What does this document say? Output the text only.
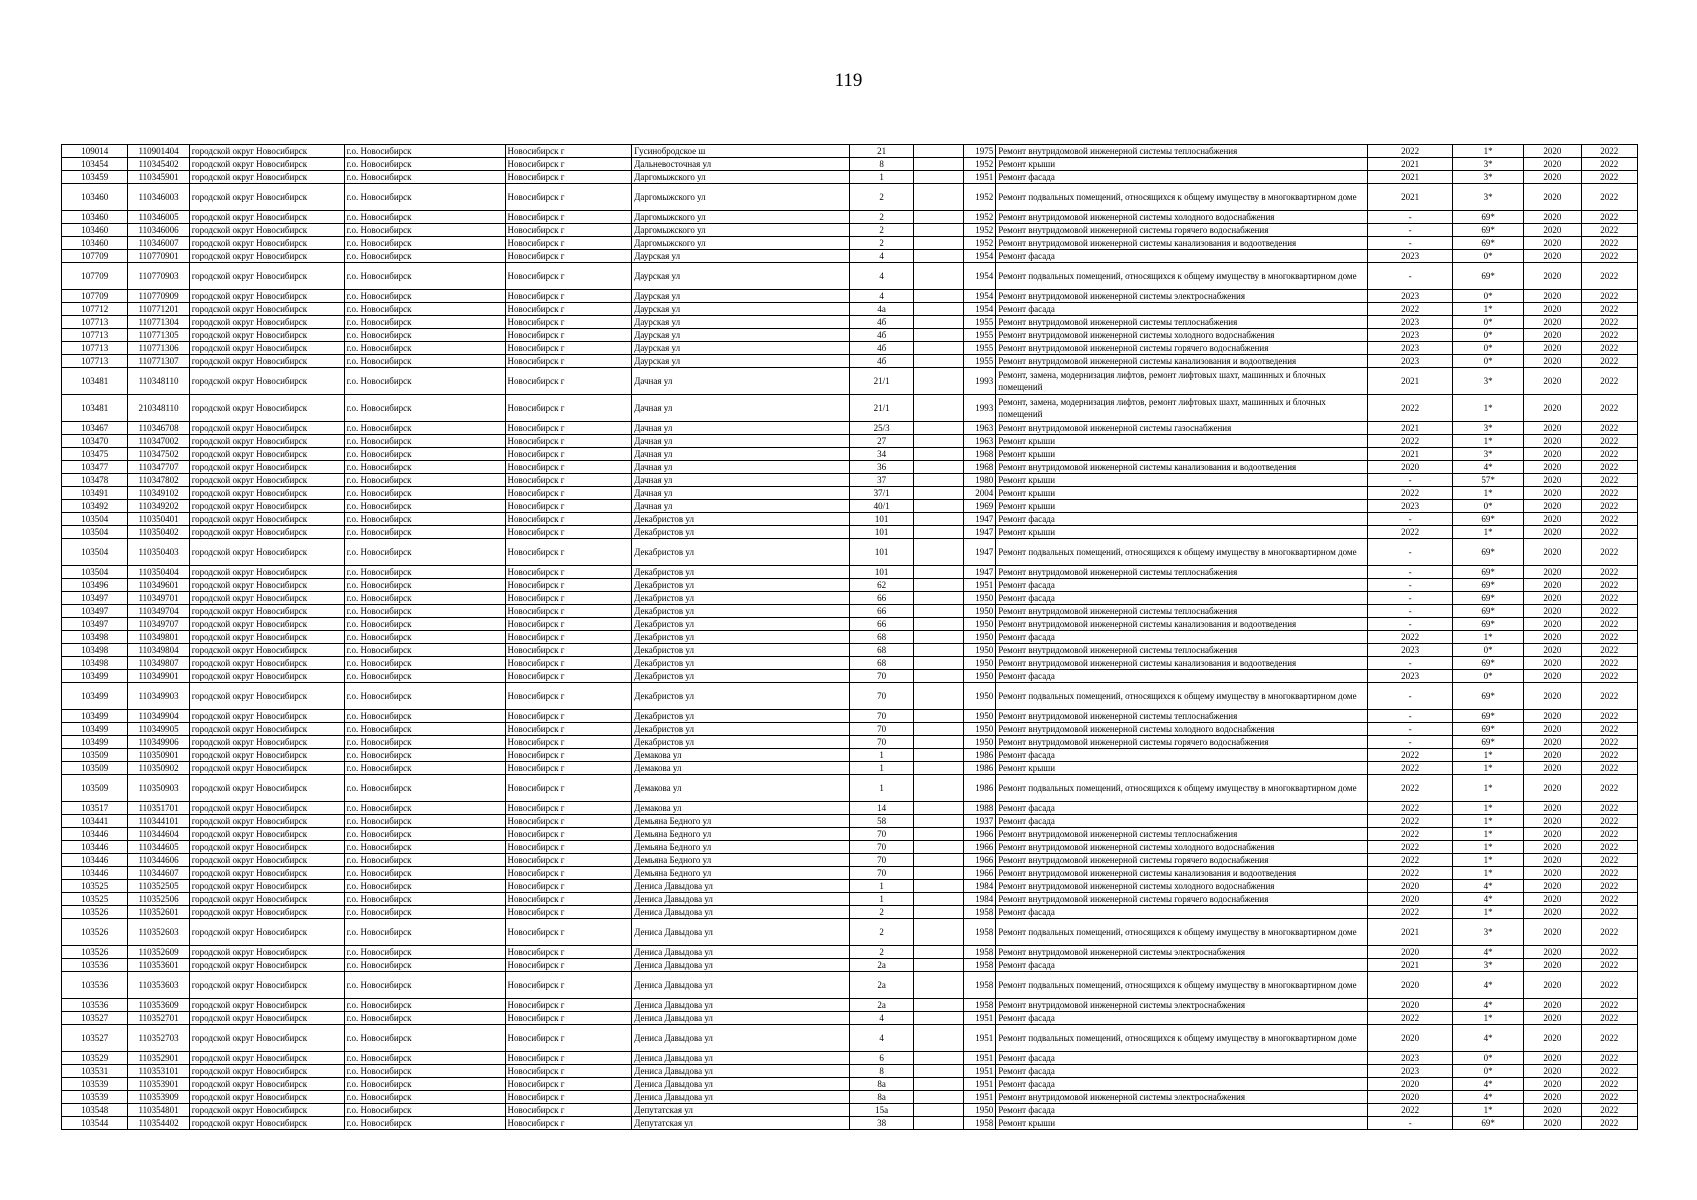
119
109014	110901404	городской округ Новосибирск	г.о. Новосибирск	Новосибирск г	Гусинобродское ш	21		1975	Ремонт внутридомовой инженерной системы теплоснабжения	2022	1*	2020	2022
103454	110345402	городской округ Новосибирск	г.о. Новосибирск	Новосибирск г	Дальневосточная ул	8		1952	Ремонт крыши	2021	3*	2020	2022
103459	110345901	городской округ Новосибирск	г.о. Новосибирск	Новосибирск г	Даргомыжского ул	1		1951	Ремонт фасада	2021	3*	2020	2022
103460	110346003	городской округ Новосибирск	г.о. Новосибирск	Новосибирск г	Даргомыжского ул	2		1952	Ремонт подвальных помещений, относящихся к общему имуществу в многоквартирном доме	2021	3*	2020	2022
103460	110346005	городской округ Новосибирск	г.о. Новосибирск	Новосибирск г	Даргомыжского ул	2		1952	Ремонт внутридомовой инженерной системы холодного водоснабжения	-	69*	2020	2022
103460	110346006	городской округ Новосибирск	г.о. Новосибирск	Новосибирск г	Даргомыжского ул	2		1952	Ремонт внутридомовой инженерной системы горячего водоснабжения	-	69*	2020	2022
103460	110346007	городской округ Новосибирск	г.о. Новосибирск	Новосибирск г	Даргомыжского ул	2		1952	Ремонт внутридомовой инженерной системы канализования и водоотведения	-	69*	2020	2022
107709	110770901	городской округ Новосибирск	г.о. Новосибирск	Новосибирск г	Даурская ул	4		1954	Ремонт фасада	2023	0*	2020	2022
107709	110770903	городской округ Новосибирск	г.о. Новосибирск	Новосибирск г	Даурская ул	4		1954	Ремонт подвальных помещений, относящихся к общему имуществу в многоквартирном доме	-	69*	2020	2022
107709	110770909	городской округ Новосибирск	г.о. Новосибирск	Новосибирск г	Даурская ул	4		1954	Ремонт внутридомовой инженерной системы электроснабжения	2023	0*	2020	2022
107712	110771201	городской округ Новосибирск	г.о. Новосибирск	Новосибирск г	Даурская ул	4а		1954	Ремонт фасада	2022	1*	2020	2022
107713	110771304	городской округ Новосибирск	г.о. Новосибирск	Новосибирск г	Даурская ул	4б		1955	Ремонт внутридомовой инженерной системы теплоснабжения	2023	0*	2020	2022
107713	110771305	городской округ Новосибирск	г.о. Новосибирск	Новосибирск г	Даурская ул	4б		1955	Ремонт внутридомовой инженерной системы холодного водоснабжения	2023	0*	2020	2022
107713	110771306	городской округ Новосибирск	г.о. Новосибирск	Новосибирск г	Даурская ул	4б		1955	Ремонт внутридомовой инженерной системы горячего водоснабжения	2023	0*	2020	2022
107713	110771307	городской округ Новосибирск	г.о. Новосибирск	Новосибирск г	Даурская ул	4б		1955	Ремонт внутридомовой инженерной системы канализования и водоотведения	2023	0*	2020	2022
103481	110348110	городской округ Новосибирск	г.о. Новосибирск	Новосибирск г	Дачная ул	21/1		1993	Ремонт, замена, модернизация лифтов, ремонт лифтовых шахт, машинных и блочных помещений	2021	3*	2020	2022
103481	210348110	городской округ Новосибирск	г.о. Новосибирск	Новосибирск г	Дачная ул	21/1		1993	Ремонт, замена, модернизация лифтов, ремонт лифтовых шахт, машинных и блочных помещений	2022	1*	2020	2022
103467	110346708	городской округ Новосибирск	г.о. Новосибирск	Новосибирск г	Дачная ул	25/3		1963	Ремонт внутридомовой инженерной системы газоснабжения	2021	3*	2020	2022
103470	110347002	городской округ Новосибирск	г.о. Новосибирск	Новосибирск г	Дачная ул	27		1963	Ремонт крыши	2022	1*	2020	2022
103475	110347502	городской округ Новосибирск	г.о. Новосибирск	Новосибирск г	Дачная ул	34		1968	Ремонт крыши	2021	3*	2020	2022
103477	110347707	городской округ Новосибирск	г.о. Новосибирск	Новосибирск г	Дачная ул	36		1968	Ремонт внутридомовой инженерной системы канализования и водоотведения	2020	4*	2020	2022
103478	110347802	городской округ Новосибирск	г.о. Новосибирск	Новосибирск г	Дачная ул	37		1980	Ремонт крыши	-	57*	2020	2022
103491	110349102	городской округ Новосибирск	г.о. Новосибирск	Новосибирск г	Дачная ул	37/1		2004	Ремонт крыши	2022	1*	2020	2022
103492	110349202	городской округ Новосибирск	г.о. Новосибирск	Новосибирск г	Дачная ул	40/1		1969	Ремонт крыши	2023	0*	2020	2022
103504	110350401	городской округ Новосибирск	г.о. Новосибирск	Новосибирск г	Декабристов ул	101		1947	Ремонт фасада	-	69*	2020	2022
103504	110350402	городской округ Новосибирск	г.о. Новосибирск	Новосибирск г	Декабристов ул	101		1947	Ремонт крыши	2022	1*	2020	2022
103504	110350403	городской округ Новосибирск	г.о. Новосибирск	Новосибирск г	Декабристов ул	101		1947	Ремонт подвальных помещений, относящихся к общему имуществу в многоквартирном доме	-	69*	2020	2022
103504	110350404	городской округ Новосибирск	г.о. Новосибирск	Новосибирск г	Декабристов ул	101		1947	Ремонт внутридомовой инженерной системы теплоснабжения	-	69*	2020	2022
103496	110349601	городской округ Новосибирск	г.о. Новосибирск	Новосибирск г	Декабристов ул	62		1951	Ремонт фасада	-	69*	2020	2022
103497	110349701	городской округ Новосибирск	г.о. Новосибирск	Новосибирск г	Декабристов ул	66		1950	Ремонт фасада	-	69*	2020	2022
103497	110349704	городской округ Новосибирск	г.о. Новосибирск	Новосибирск г	Декабристов ул	66		1950	Ремонт внутридомовой инженерной системы теплоснабжения	-	69*	2020	2022
103497	110349707	городской округ Новосибирск	г.о. Новосибирск	Новосибирск г	Декабристов ул	66		1950	Ремонт внутридомовой инженерной системы канализования и водоотведения	-	69*	2020	2022
103498	110349801	городской округ Новосибирск	г.о. Новосибирск	Новосибирск г	Декабристов ул	68		1950	Ремонт фасада	2022	1*	2020	2022
103498	110349804	городской округ Новосибирск	г.о. Новосибирск	Новосибирск г	Декабристов ул	68		1950	Ремонт внутридомовой инженерной системы теплоснабжения	2023	0*	2020	2022
103498	110349807	городской округ Новосибирск	г.о. Новосибирск	Новосибирск г	Декабристов ул	68		1950	Ремонт внутридомовой инженерной системы канализования и водоотведения	-	69*	2020	2022
103499	110349901	городской округ Новосибирск	г.о. Новосибирск	Новосибирск г	Декабристов ул	70		1950	Ремонт фасада	2023	0*	2020	2022
103499	110349903	городской округ Новосибирск	г.о. Новосибирск	Новосибирск г	Декабристов ул	70		1950	Ремонт подвальных помещений, относящихся к общему имуществу в многоквартирном доме	-	69*	2020	2022
103499	110349904	городской округ Новосибирск	г.о. Новосибирск	Новосибирск г	Декабристов ул	70		1950	Ремонт внутридомовой инженерной системы теплоснабжения	-	69*	2020	2022
103499	110349905	городской округ Новосибирск	г.о. Новосибирск	Новосибирск г	Декабристов ул	70		1950	Ремонт внутридомовой инженерной системы холодного водоснабжения	-	69*	2020	2022
103499	110349906	городской округ Новосибирск	г.о. Новосибирск	Новосибирск г	Декабристов ул	70		1950	Ремонт внутридомовой инженерной системы горячего водоснабжения	-	69*	2020	2022
103509	110350901	городской округ Новосибирск	г.о. Новосибирск	Новосибирск г	Демакова ул	1		1986	Ремонт фасада	2022	1*	2020	2022
103509	110350902	городской округ Новосибирск	г.о. Новосибирск	Новосибирск г	Демакова ул	1		1986	Ремонт крыши	2022	1*	2020	2022
103509	110350903	городской округ Новосибирск	г.о. Новосибирск	Новосибирск г	Демакова ул	1		1986	Ремонт подвальных помещений, относящихся к общему имуществу в многоквартирном доме	2022	1*	2020	2022
103517	110351701	городской округ Новосибирск	г.о. Новосибирск	Новосибирск г	Демакова ул	14		1988	Ремонт фасада	2022	1*	2020	2022
103441	110344101	городской округ Новосибирск	г.о. Новосибирск	Новосибирск г	Демьяна Бедного ул	58		1937	Ремонт фасада	2022	1*	2020	2022
103446	110344604	городской округ Новосибирск	г.о. Новосибирск	Новосибирск г	Демьяна Бедного ул	70		1966	Ремонт внутридомовой инженерной системы теплоснабжения	2022	1*	2020	2022
103446	110344605	городской округ Новосибирск	г.о. Новосибирск	Новосибирск г	Демьяна Бедного ул	70		1966	Ремонт внутридомовой инженерной системы холодного водоснабжения	2022	1*	2020	2022
103446	110344606	городской округ Новосибирск	г.о. Новосибирск	Новосибирск г	Демьяна Бедного ул	70		1966	Ремонт внутридомовой инженерной системы горячего водоснабжения	2022	1*	2020	2022
103446	110344607	городской округ Новосибирск	г.о. Новосибирск	Новосибирск г	Демьяна Бедного ул	70		1966	Ремонт внутридомовой инженерной системы канализования и водоотведения	2022	1*	2020	2022
103525	110352505	городской округ Новосибирск	г.о. Новосибирск	Новосибирск г	Дениса Давыдова ул	1		1984	Ремонт внутридомовой инженерной системы холодного водоснабжения	2020	4*	2020	2022
103525	110352506	городской округ Новосибирск	г.о. Новосибирск	Новосибирск г	Дениса Давыдова ул	1		1984	Ремонт внутридомовой инженерной системы горячего водоснабжения	2020	4*	2020	2022
103526	110352601	городской округ Новосибирск	г.о. Новосибирск	Новосибирск г	Дениса Давыдова ул	2		1958	Ремонт фасада	2022	1*	2020	2022
103526	110352603	городской округ Новосибирск	г.о. Новосибирск	Новосибирск г	Дениса Давыдова ул	2		1958	Ремонт подвальных помещений, относящихся к общему имуществу в многоквартирном доме	2021	3*	2020	2022
103526	110352609	городской округ Новосибирск	г.о. Новосибирск	Новосибирск г	Дениса Давыдова ул	2		1958	Ремонт внутридомовой инженерной системы электроснабжения	2020	4*	2020	2022
103536	110353601	городской округ Новосибирск	г.о. Новосибирск	Новосибирск г	Дениса Давыдова ул	2а		1958	Ремонт фасада	2021	3*	2020	2022
103536	110353603	городской округ Новосибирск	г.о. Новосибирск	Новосибирск г	Дениса Давыдова ул	2а		1958	Ремонт подвальных помещений, относящихся к общему имуществу в многоквартирном доме	2020	4*	2020	2022
103536	110353609	городской округ Новосибирск	г.о. Новосибирск	Новосибирск г	Дениса Давыдова ул	2а		1958	Ремонт внутридомовой инженерной системы электроснабжения	2020	4*	2020	2022
103527	110352701	городской округ Новосибирск	г.о. Новосибирск	Новосибирск г	Дениса Давыдова ул	4		1951	Ремонт фасада	2022	1*	2020	2022
103527	110352703	городской округ Новосибирск	г.о. Новосибирск	Новосибирск г	Дениса Давыдова ул	4		1951	Ремонт подвальных помещений, относящихся к общему имуществу в многоквартирном доме	2020	4*	2020	2022
103529	110352901	городской округ Новосибирск	г.о. Новосибирск	Новосибирск г	Дениса Давыдова ул	6		1951	Ремонт фасада	2023	0*	2020	2022
103531	110353101	городской округ Новосибирск	г.о. Новосибирск	Новосибирск г	Дениса Давыдова ул	8		1951	Ремонт фасада	2023	0*	2020	2022
103539	110353901	городской округ Новосибирск	г.о. Новосибирск	Новосибирск г	Дениса Давыдова ул	8а		1951	Ремонт фасада	2020	4*	2020	2022
103539	110353909	городской округ Новосибирск	г.о. Новосибирск	Новосибирск г	Дениса Давыдова ул	8а		1951	Ремонт внутридомовой инженерной системы электроснабжения	2020	4*	2020	2022
103548	110354801	городской округ Новосибирск	г.о. Новосибирск	Новосибирск г	Депутатская ул	15а		1950	Ремонт фасада	2022	1*	2020	2022
103544	110354402	городской округ Новосибирск	г.о. Новосибирск	Новосибирск г	Депутатская ул	38		1958	Ремонт крыши	-	69*	2020	2022
